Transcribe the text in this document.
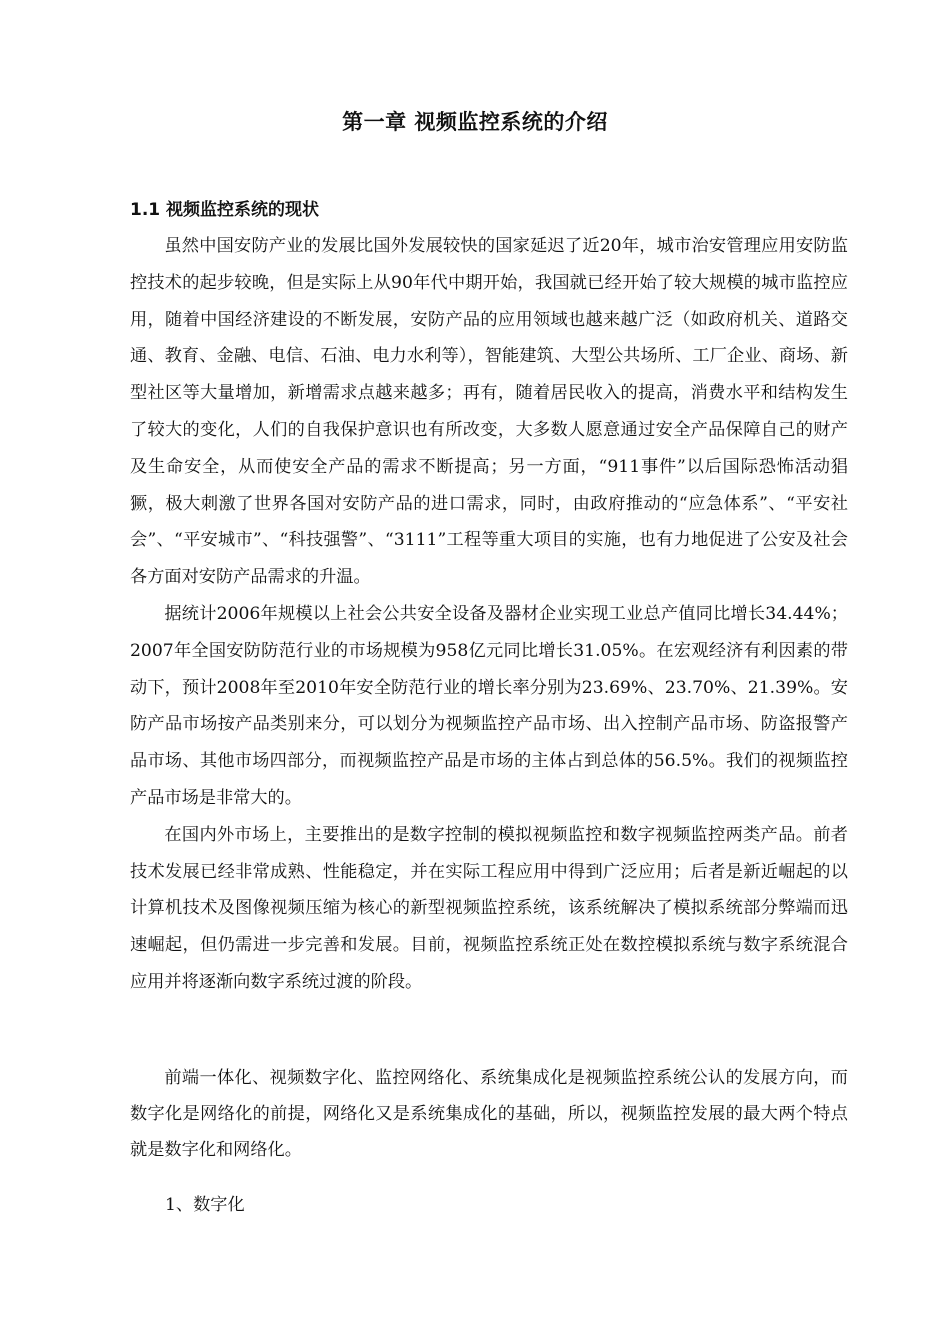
第一章 视频监控系统的介绍
1.1 视频监控系统的现状

虽然中国安防产业的发展比国外发展较快的国家延迟了近20年，城市治安管理应用安防监控技术的起步较晚，但是实际上从90年代中期开始，我国就已经开始了较大规模的城市监控应用，随着中国经济建设的不断发展，安防产品的应用领域也越来越广泛（如政府机关、道路交通、教育、金融、电信、石油、电力水利等），智能建筑、大型公共场所、工厂企业、商场、新型社区等大量增加，新增需求点越来越多；再有，随着居民收入的提高，消费水平和结构发生了较大的变化，人们的自我保护意识也有所改变，大多数人愿意通过安全产品保障自己的财产及生命安全，从而使安全产品的需求不断提高；另一方面，“911事件”以后国际恐怖活动猖獗，极大刺激了世界各国对安防产品的进口需求，同时，由政府推动的“应急体系”、“平安社会”、“平安城市”、“科技强警”、“3111”工程等重大项目的实施，也有力地促进了公安及社会各方面对安防产品需求的升温。

据统计2006年规模以上社会公共安全设备及器材企业实现工业总产值同比增长34.44%；2007年全国安防防范行业的市场规模为958亿元同比增长31.05%。在宏观经济有利因素的带动下，预计2008年至2010年安全防范行业的增长率分别为23.69%、23.70%、21.39%。安防产品市场按产品类别来分，可以划分为视频监控产品市场、出入控制产品市场、防盗报警产品市场、其他市场四部分，而视频监控产品是市场的主体占到总体的56.5%。我们的视频监控产品市场是非常大的。

在国内外市场上，主要推出的是数字控制的模拟视频监控和数字视频监控两类产品。前者技术发展已经非常成熟、性能稳定，并在实际工程应用中得到广泛应用；后者是新近崛起的以计算机技术及图像视频压缩为核心的新型视频监控系统，该系统解决了模拟系统部分弊端而迅速崛起，但仍需进一步完善和发展。目前，视频监控系统正处在数控模拟系统与数字系统混合应用并将逐渐向数字系统过渡的阶段。

前端一体化、视频数字化、监控网络化、系统集成化是视频监控系统公认的发展方向，而数字化是网络化的前提，网络化又是系统集成化的基础，所以，视频监控发展的最大两个特点就是数字化和网络化。

1、数字化
